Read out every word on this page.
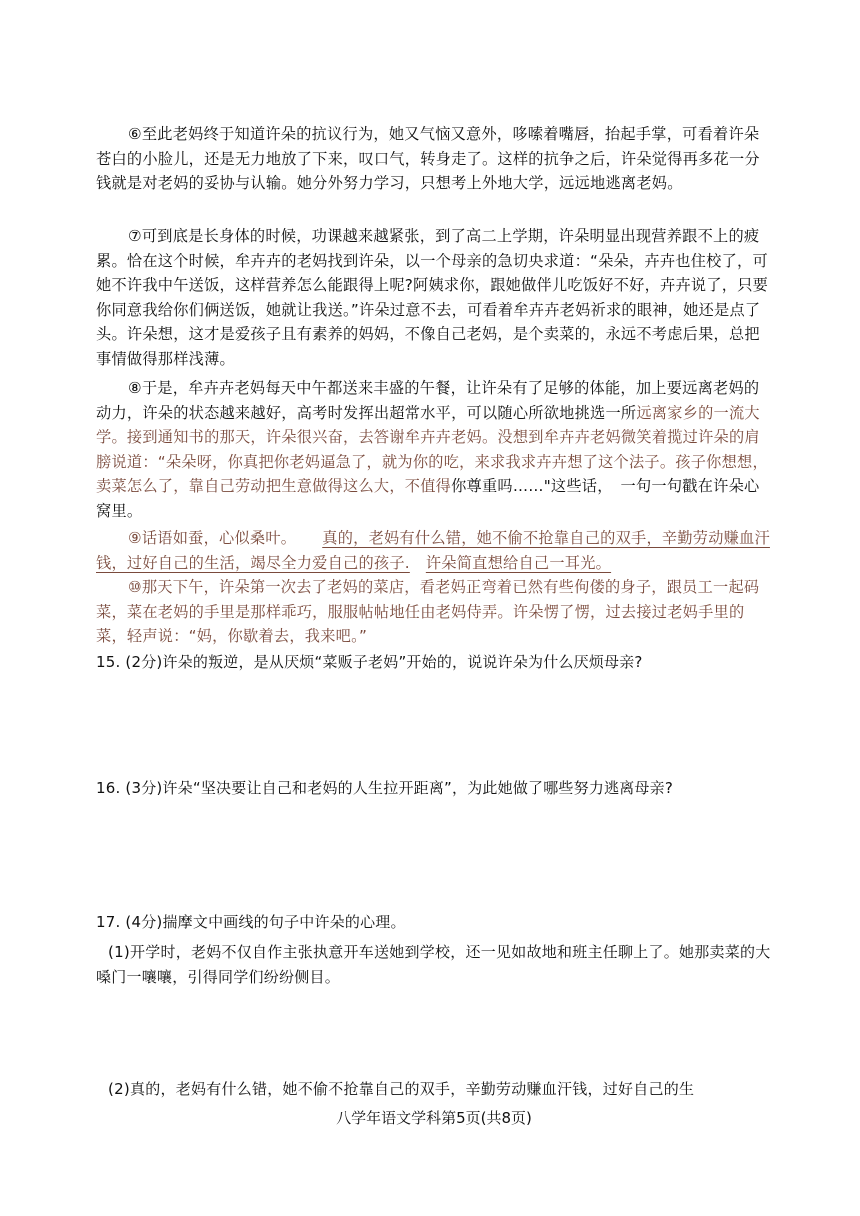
⑥至此老妈终于知道许朵的抗议行为，她又气恼又意外，哆嗦着嘴唇，抬起手掌，可看着许朵苍白的小脸儿，还是无力地放了下来，叹口气，转身走了。这样的抗争之后，许朵觉得再多花一分钱就是对老妈的妥协与认输。她分外努力学习，只想考上外地大学，远远地逃离老妈。

⑦可到底是长身体的时候，功课越来越紧张，到了高二上学期，许朵明显出现营养跟不上的疲累。恰在这个时候，牟卉卉的老妈找到许朵，以一个母亲的急切央求道：“朵朵，卉卉也住校了，可她不许我中午送饭，这样营养怎么能跟得上呢?阿姨求你，跟她做伴儿吃饭好不好，卉卉说了，只要你同意我给你们俩送饭，她就让我送。”许朵过意不去，可看着牟卉卉老妈祈求的眼神，她还是点了头。许朵想，这才是爱孩子且有素养的妈妈，不像自己老妈，是个卖菜的，永远不考虑后果，总把事情做得那样浅薄。

⑧于是，牟卉卉老妈每天中午都送来丰盛的午餐，让许朵有了足够的体能，加上要远离老妈的动力，许朵的状态越来越好，高考时发挥出超常水平，可以随心所欲地挑选一所远离家乡的一流大学。接到通知书的那天，许朵很兴奋，去答谢牟卉卉老妈。没想到牟卉卉老妈微笑着揽过许朵的肩膀说道：“朵朵呀，你真把你老妈逼急了，就为你的吃，来求我求卉卉想了这个法子。孩子你想想，卖菜怎么了，靠自己劳动把生意做得这么大，不值得你尊重吗……"这些话，　一句一句戳在许朵心窝里。

⑨话语如蚕，心似桑叶。 真的，老妈有什么错，她不偷不抢靠自己的双手，辛勤劳动赚血汗钱，过好自己的生活，竭尽全力爱自己的孩子. 许朵简直想给自己一耳光。

⑩那天下午，许朵第一次去了老妈的菜店，看老妈正弯着已然有些佝偻的身子，跟员工一起码菜，菜在老妈的手里是那样乖巧，服服帖帖地任由老妈侍弄。许朵愣了愣，过去接过老妈手里的菜，轻声说：“妈，你歇着去，我来吧。”

15. (2分)许朵的叛逆，是从厌烦“菜贩子老妈”开始的，说说许朵为什么厌烦母亲?

16. (3分)许朵“坚决要让自己和老妈的人生拉开距离”，为此她做了哪些努力逃离母亲?

17. (4分)揣摩文中画线的句子中许朵的心理。

(1)开学时，老妈不仅自作主张执意开车送她到学校，还一见如故地和班主任聊上了。她那卖菜的大嗓门一嚷嚷，引得同学们纷纷侧目。

(2)真的，老妈有什么错，她不偷不抢靠自己的双手，辛勤劳动赚血汗钱，过好自己的生

八学年语文学科第5页(共8页)
